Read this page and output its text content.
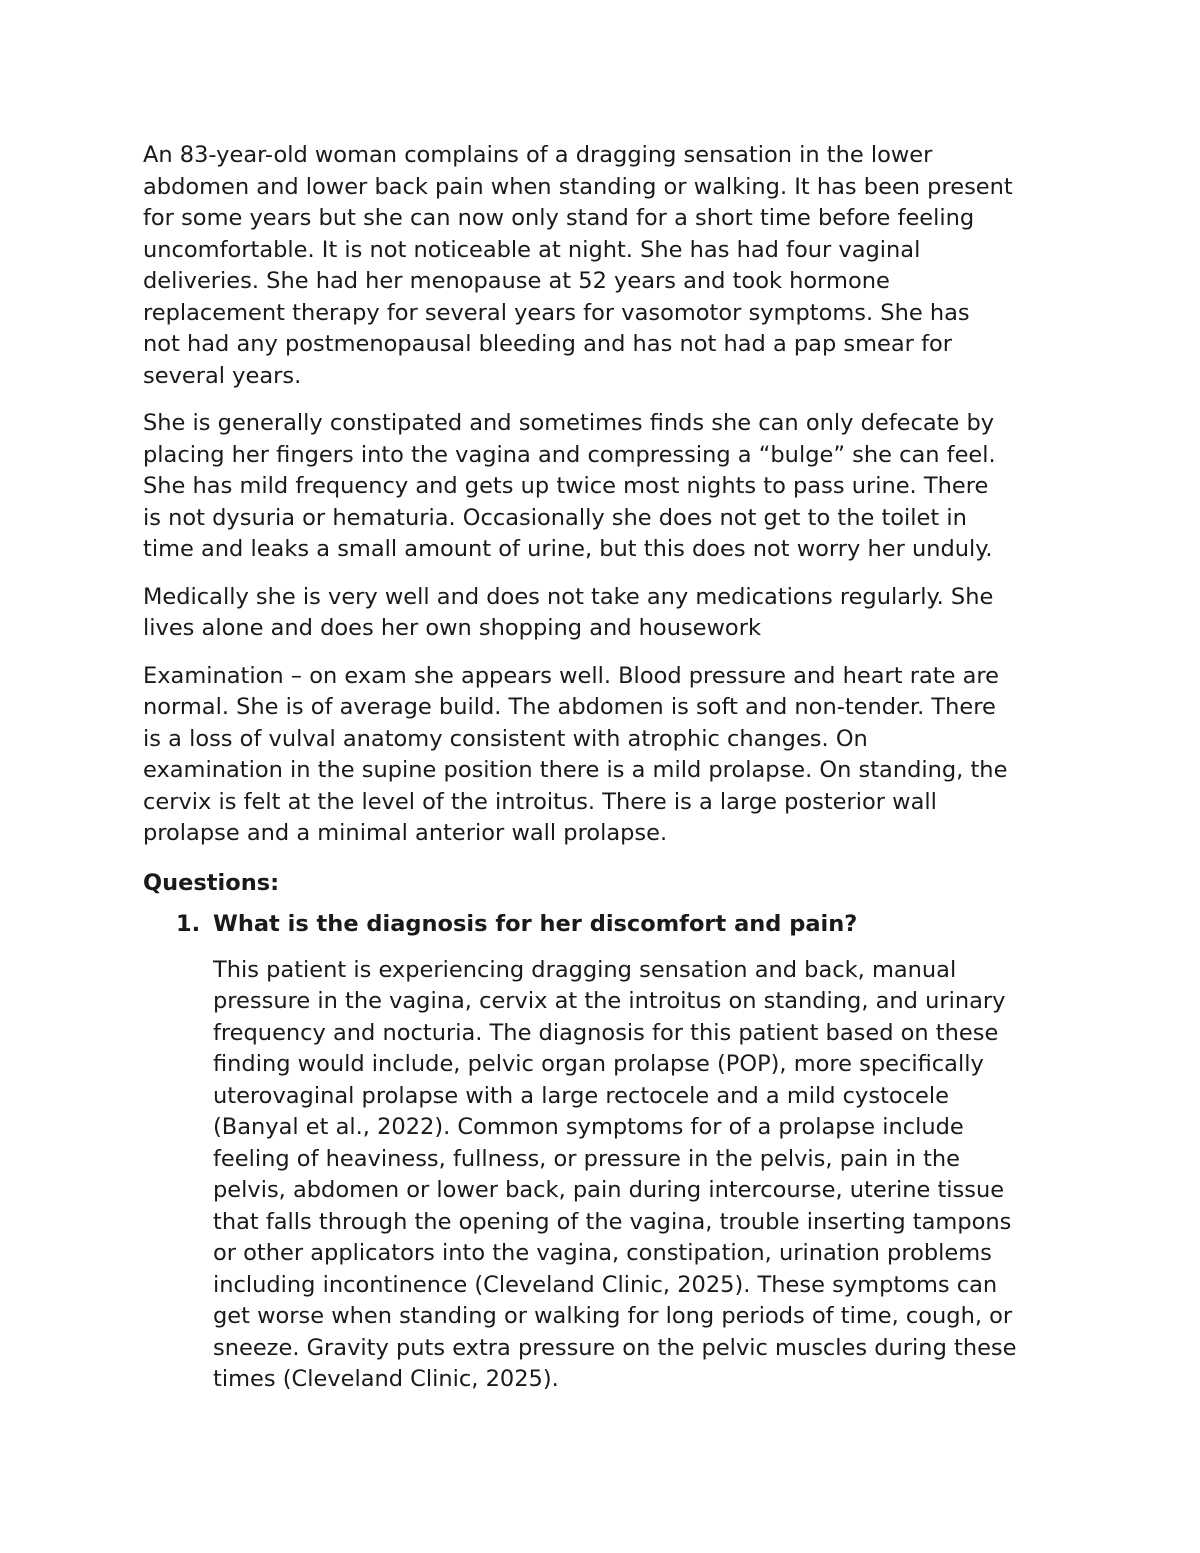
An 83-year-old woman complains of a dragging sensation in the lower
abdomen and lower back pain when standing or walking. It has been present
for some years but she can now only stand for a short time before feeling
uncomfortable. It is not noticeable at night. She has had four vaginal
deliveries. She had her menopause at 52 years and took hormone
replacement therapy for several years for vasomotor symptoms. She has
not had any postmenopausal bleeding and has not had a pap smear for
several years.

She is generally constipated and sometimes finds she can only defecate by
placing her fingers into the vagina and compressing a “bulge” she can feel.
She has mild frequency and gets up twice most nights to pass urine. There
is not dysuria or hematuria. Occasionally she does not get to the toilet in
time and leaks a small amount of urine, but this does not worry her unduly.

Medically she is very well and does not take any medications regularly. She
lives alone and does her own shopping and housework

Examination – on exam she appears well. Blood pressure and heart rate are
normal. She is of average build. The abdomen is soft and non-tender. There
is a loss of vulval anatomy consistent with atrophic changes. On
examination in the supine position there is a mild prolapse. On standing, the
cervix is felt at the level of the introitus. There is a large posterior wall
prolapse and a minimal anterior wall prolapse.

Questions:

1. What is the diagnosis for her discomfort and pain?

This patient is experiencing dragging sensation and back, manual
pressure in the vagina, cervix at the introitus on standing, and urinary
frequency and nocturia. The diagnosis for this patient based on these
finding would include, pelvic organ prolapse (POP), more specifically
uterovaginal prolapse with a large rectocele and a mild cystocele
(Banyal et al., 2022). Common symptoms for of a prolapse include
feeling of heaviness, fullness, or pressure in the pelvis, pain in the
pelvis, abdomen or lower back, pain during intercourse, uterine tissue
that falls through the opening of the vagina, trouble inserting tampons
or other applicators into the vagina, constipation, urination problems
including incontinence (Cleveland Clinic, 2025). These symptoms can
get worse when standing or walking for long periods of time, cough, or
sneeze. Gravity puts extra pressure on the pelvic muscles during these
times (Cleveland Clinic, 2025).
